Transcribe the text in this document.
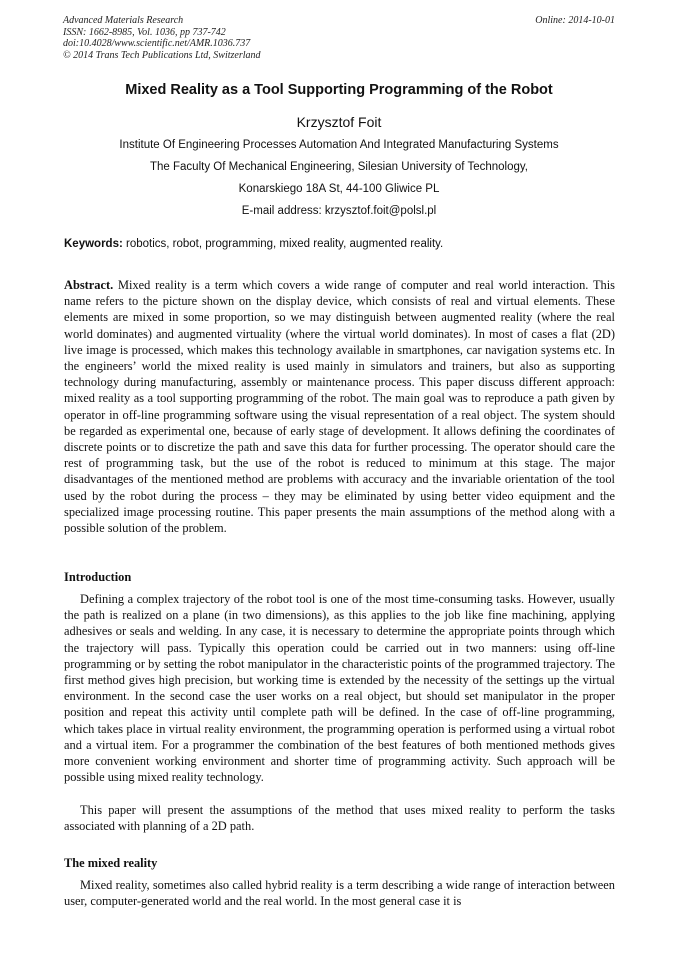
Advanced Materials Research
ISSN: 1662-8985, Vol. 1036, pp 737-742
doi:10.4028/www.scientific.net/AMR.1036.737
© 2014 Trans Tech Publications Ltd, Switzerland
Online: 2014-10-01
Mixed Reality as a Tool Supporting Programming of the Robot
Krzysztof Foit
Institute Of Engineering Processes Automation And Integrated Manufacturing Systems
The Faculty Of Mechanical Engineering, Silesian University of Technology,
Konarskiego 18A St, 44-100 Gliwice PL
E-mail address: krzysztof.foit@polsl.pl
Keywords: robotics, robot, programming, mixed reality, augmented reality.
Abstract. Mixed reality is a term which covers a wide range of computer and real world interaction. This name refers to the picture shown on the display device, which consists of real and virtual elements. These elements are mixed in some proportion, so we may distinguish between augmented reality (where the real world dominates) and augmented virtuality (where the virtual world dominates). In most of cases a flat (2D) live image is processed, which makes this technology available in smartphones, car navigation systems etc. In the engineers’ world the mixed reality is used mainly in simulators and trainers, but also as supporting technology during manufacturing, assembly or maintenance process. This paper discuss different approach: mixed reality as a tool supporting programming of the robot. The main goal was to reproduce a path given by operator in off-line programming software using the visual representation of a real object. The system should be regarded as experimental one, because of early stage of development. It allows defining the coordinates of discrete points or to discretize the path and save this data for further processing. The operator should care the rest of programming task, but the use of the robot is reduced to minimum at this stage. The major disadvantages of the mentioned method are problems with accuracy and the invariable orientation of the tool used by the robot during the process – they may be eliminated by using better video equipment and the specialized image processing routine. This paper presents the main assumptions of the method along with a possible solution of the problem.
Introduction
Defining a complex trajectory of the robot tool is one of the most time-consuming tasks. However, usually the path is realized on a plane (in two dimensions), as this applies to the job like fine machining, applying adhesives or seals and welding. In any case, it is necessary to determine the appropriate points through which the trajectory will pass. Typically this operation could be carried out in two manners: using off-line programming or by setting the robot manipulator in the characteristic points of the programmed trajectory. The first method gives high precision, but working time is extended by the necessity of the settings up the virtual environment. In the second case the user works on a real object, but should set manipulator in the proper position and repeat this activity until complete path will be defined. In the case of off-line programming, which takes place in virtual reality environment, the programming operation is performed using a virtual robot and a virtual item. For a programmer the combination of the best features of both mentioned methods gives more convenient working environment and shorter time of programming activity. Such approach will be possible using mixed reality technology.
This paper will present the assumptions of the method that uses mixed reality to perform the tasks associated with planning of a 2D path.
The mixed reality
Mixed reality, sometimes also called hybrid reality is a term describing a wide range of interaction between user, computer-generated world and the real world. In the most general case it is
